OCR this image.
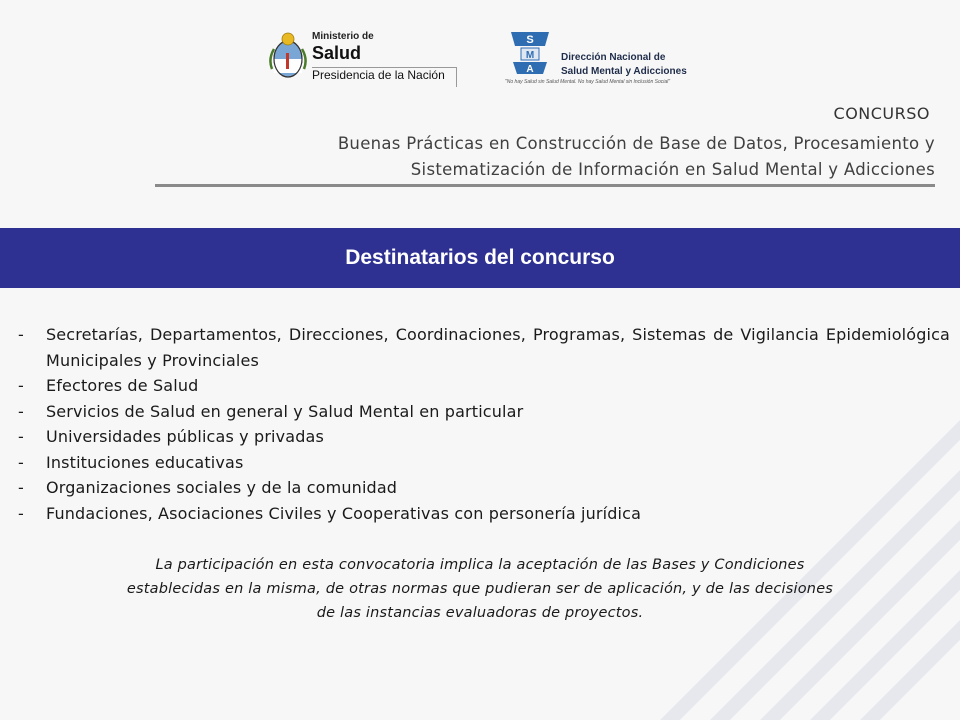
Ministerio de
Salud
Presidencia de la Nación
S
M
A
Dirección Nacional de
Salud Mental y Adicciones
"No hay Salud sin Salud Mental. No hay Salud Mental sin Inclusión Social"
CONCURSO
Buenas Prácticas en Construcción de Base de Datos, Procesamiento y
Sistematización de Información en Salud Mental y Adicciones
Destinatarios del concurso
- Secretarías, Departamentos, Direcciones, Coordinaciones, Programas, Sistemas de Vigilancia Epidemiológica Municipales y Provinciales
- Efectores de Salud
- Servicios de Salud en general y Salud Mental en particular
- Universidades públicas y privadas
- Instituciones educativas
- Organizaciones sociales y de la comunidad
- Fundaciones, Asociaciones Civiles y Cooperativas con personería jurídica
La participación en esta convocatoria implica la aceptación de las Bases y Condiciones
establecidas en la misma, de otras normas que pudieran ser de aplicación, y de las decisiones
de las instancias evaluadoras de proyectos.
